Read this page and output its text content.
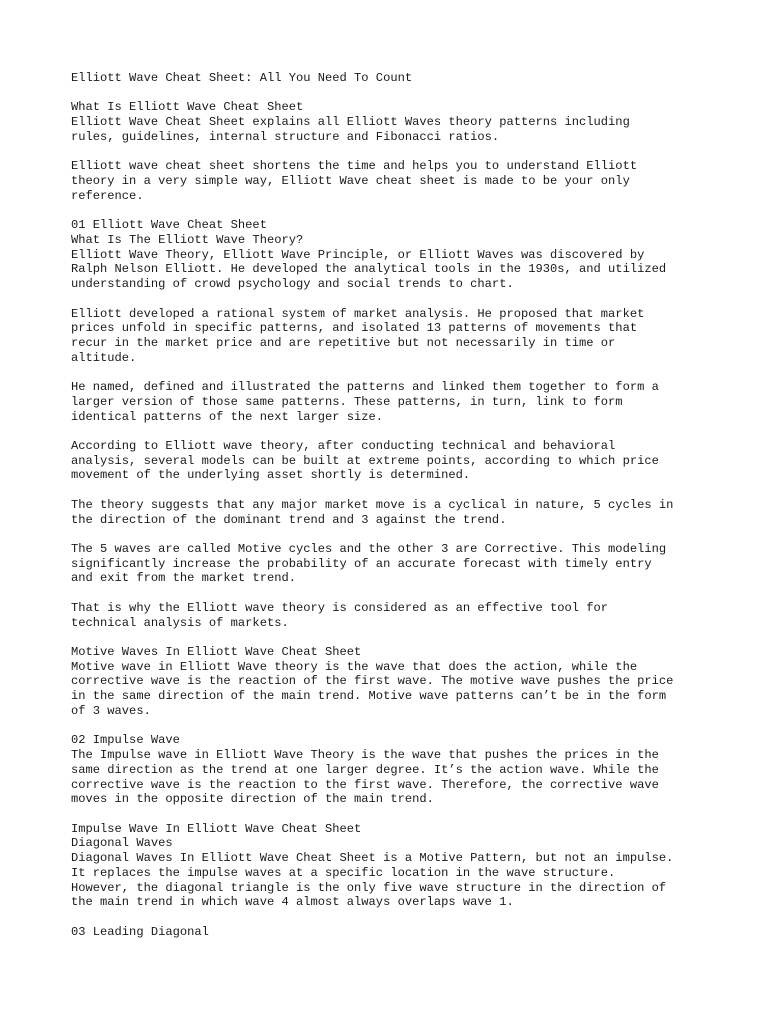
Elliott Wave Cheat Sheet: All You Need To Count

What Is Elliott Wave Cheat Sheet
Elliott Wave Cheat Sheet explains all Elliott Waves theory patterns including
rules, guidelines, internal structure and Fibonacci ratios.

Elliott wave cheat sheet shortens the time and helps you to understand Elliott
theory in a very simple way, Elliott Wave cheat sheet is made to be your only
reference.

01 Elliott Wave Cheat Sheet
What Is The Elliott Wave Theory?
Elliott Wave Theory, Elliott Wave Principle, or Elliott Waves was discovered by
Ralph Nelson Elliott. He developed the analytical tools in the 1930s, and utilized
understanding of crowd psychology and social trends to chart.

Elliott developed a rational system of market analysis. He proposed that market
prices unfold in specific patterns, and isolated 13 patterns of movements that
recur in the market price and are repetitive but not necessarily in time or
altitude.

He named, defined and illustrated the patterns and linked them together to form a
larger version of those same patterns. These patterns, in turn, link to form
identical patterns of the next larger size.

According to Elliott wave theory, after conducting technical and behavioral
analysis, several models can be built at extreme points, according to which price
movement of the underlying asset shortly is determined.

The theory suggests that any major market move is a cyclical in nature, 5 cycles in
the direction of the dominant trend and 3 against the trend.

The 5 waves are called Motive cycles and the other 3 are Corrective. This modeling
significantly increase the probability of an accurate forecast with timely entry
and exit from the market trend.

That is why the Elliott wave theory is considered as an effective tool for
technical analysis of markets.

Motive Waves In Elliott Wave Cheat Sheet
Motive wave in Elliott Wave theory is the wave that does the action, while the
corrective wave is the reaction of the first wave. The motive wave pushes the price
in the same direction of the main trend. Motive wave patterns can’t be in the form
of 3 waves.

02 Impulse Wave
The Impulse wave in Elliott Wave Theory is the wave that pushes the prices in the
same direction as the trend at one larger degree. It’s the action wave. While the
corrective wave is the reaction to the first wave. Therefore, the corrective wave
moves in the opposite direction of the main trend.

Impulse Wave In Elliott Wave Cheat Sheet
Diagonal Waves
Diagonal Waves In Elliott Wave Cheat Sheet is a Motive Pattern, but not an impulse.
It replaces the impulse waves at a specific location in the wave structure.
However, the diagonal triangle is the only five wave structure in the direction of
the main trend in which wave 4 almost always overlaps wave 1.

03 Leading Diagonal
